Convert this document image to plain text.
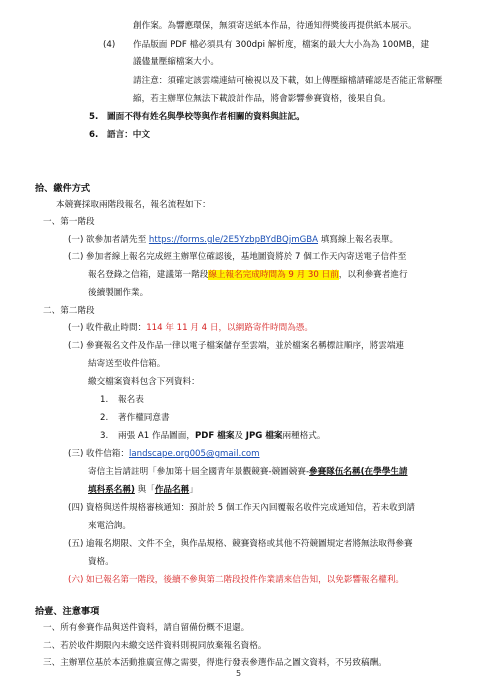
創作案。為響應環保，無須寄送紙本作品，待通知得獎後再提供紙本展示。
(4) 作品版面 PDF 檔必須具有 300dpi 解析度，檔案的最大大小為為 100MB，建
議儘量壓縮檔案大小。
請注意：須確定該雲端連結可檢視以及下載，如上傳壓縮檔請確認是否能正常解壓
縮，若主辦單位無法下載設計作品，將會影響參賽資格，後果自負。
5. 圖面不得有姓名與學校等與作者相關的資料與註記。
6. 語言：中文
拾、繳件方式
本競賽採取兩階段報名，報名流程如下：
一、第一階段
(一) 欲參加者請先至 https://forms.gle/2E5YzbpBYdBQjmGBA 填寫線上報名表單。
(二) 參加者線上報名完成經主辦單位確認後，基地圖資將於 7 個工作天內寄送電子信件至
報名登錄之信箱，建議第一階段線上報名完成時間為 9 月 30 日前，以利參賽者進行
後續製圖作業。
二、第二階段
(一) 收件截止時間：114 年 11 月 4 日，以網路寄件時間為憑。
(二) 參賽報名文件及作品一律以電子檔案儲存至雲端，並於檔案名稱標註順序，將雲端連
結寄送至收件信箱。
繳交檔案資料包含下列資料：
1. 報名表
2. 著作權同意書
3. 兩張 A1 作品圖面，PDF 檔案及 JPG 檔案兩種格式。
(三) 收件信箱：landscape.org005@gmail.com
寄信主旨請註明「參加第十屆全國青年景觀競賽-競圖競賽-參賽隊伍名稱(在學學生請
填科系名稱) 與「作品名稱」
(四) 資格與送件規格審核通知：預計於 5 個工作天內回覆報名收件完成通知信，若未收到請
來電洽詢。
(五) 逾報名期限、文件不全，與作品規格、競賽資格或其他不符競圖規定者將無法取得參賽
資格。
(六) 如已報名第一階段，後續不參與第二階段投件作業請來信告知，以免影響報名權利。
拾壹、注意事項
一、所有參賽作品與送件資料，請自留備份概不退還。
二、若於收件期限內未繳交送件資料則視同放棄報名資格。
三、主辦單位基於本活動推廣宣傳之需要，得進行發表參選作品之圖文資料，不另致稿酬。
5
